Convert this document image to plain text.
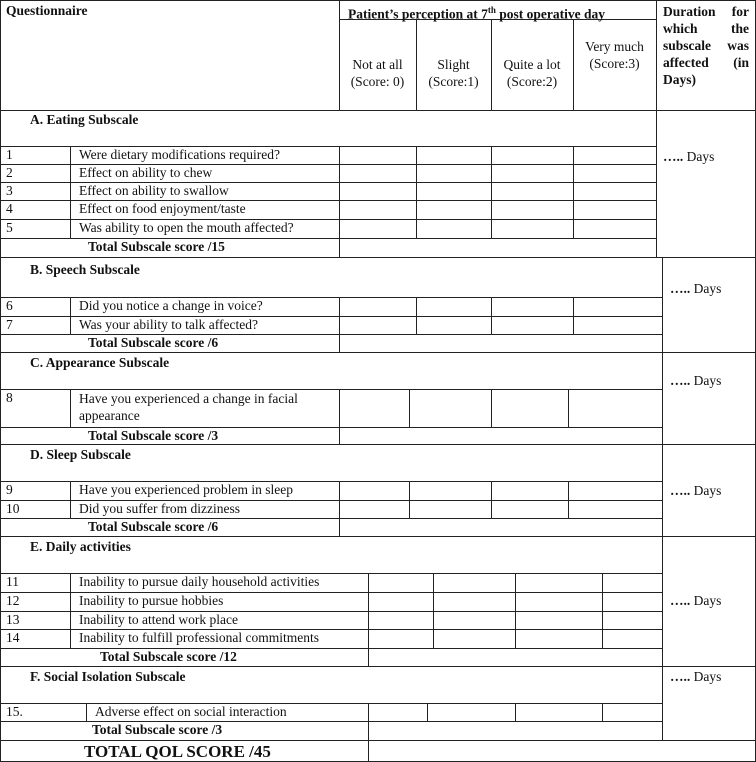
Questionnaire	Patient’s perception at 7th post operative day	Duration for which the subscale was affected (in Days)
Not at all (Score: 0)
Slight (Score:1)
Quite a lot (Score:2)
Very much (Score:3)
A. Eating Subscale
1	Were dietary modifications required?
2	Effect on ability to chew
3	Effect on ability to swallow
4	Effect on food enjoyment/taste
5	Was ability to open the mouth affected?
Total Subscale score /15
….. Days
B. Speech Subscale
6	Did you notice a change in voice?
7	Was your ability to talk affected?
Total Subscale score /6
….. Days
C. Appearance Subscale
8	Have you experienced a change in facial appearance
Total Subscale score /3
….. Days
D. Sleep Subscale
9	Have you experienced problem in sleep
10	Did you suffer from dizziness
Total Subscale score /6
….. Days
E. Daily activities
11	Inability to pursue daily household activities
12	Inability to pursue hobbies
13	Inability to attend work place
14	Inability to fulfill professional commitments
Total Subscale score /12
….. Days
F. Social Isolation Subscale
15.	Adverse effect on social interaction
Total Subscale score /3
….. Days
TOTAL QOL SCORE /45
